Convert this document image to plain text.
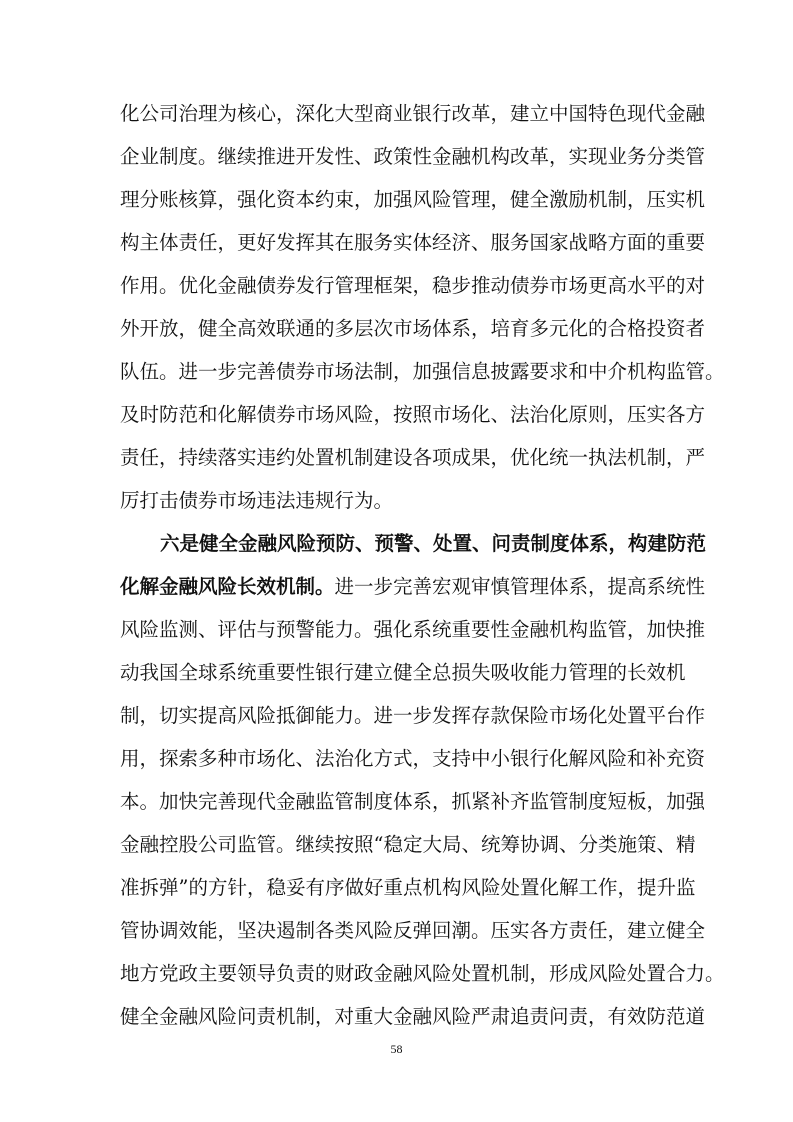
化公司治理为核心，深化大型商业银行改革，建立中国特色现代金融
企业制度。继续推进开发性、政策性金融机构改革，实现业务分类管
理分账核算，强化资本约束，加强风险管理，健全激励机制，压实机
构主体责任，更好发挥其在服务实体经济、服务国家战略方面的重要
作用。优化金融债券发行管理框架，稳步推动债券市场更高水平的对
外开放，健全高效联通的多层次市场体系，培育多元化的合格投资者
队伍。进一步完善债券市场法制，加强信息披露要求和中介机构监管。
及时防范和化解债券市场风险，按照市场化、法治化原则，压实各方
责任，持续落实违约处置机制建设各项成果，优化统一执法机制，严
厉打击债券市场违法违规行为。
六是健全金融风险预防、预警、处置、问责制度体系，构建防范
化解金融风险长效机制。进一步完善宏观审慎管理体系，提高系统性
风险监测、评估与预警能力。强化系统重要性金融机构监管，加快推
动我国全球系统重要性银行建立健全总损失吸收能力管理的长效机
制，切实提高风险抵御能力。进一步发挥存款保险市场化处置平台作
用，探索多种市场化、法治化方式，支持中小银行化解风险和补充资
本。加快完善现代金融监管制度体系，抓紧补齐监管制度短板，加强
金融控股公司监管。继续按照“稳定大局、统筹协调、分类施策、精
准拆弹”的方针，稳妥有序做好重点机构风险处置化解工作，提升监
管协调效能，坚决遏制各类风险反弹回潮。压实各方责任，建立健全
地方党政主要领导负责的财政金融风险处置机制，形成风险处置合力。
健全金融风险问责机制，对重大金融风险严肃追责问责，有效防范道
58
